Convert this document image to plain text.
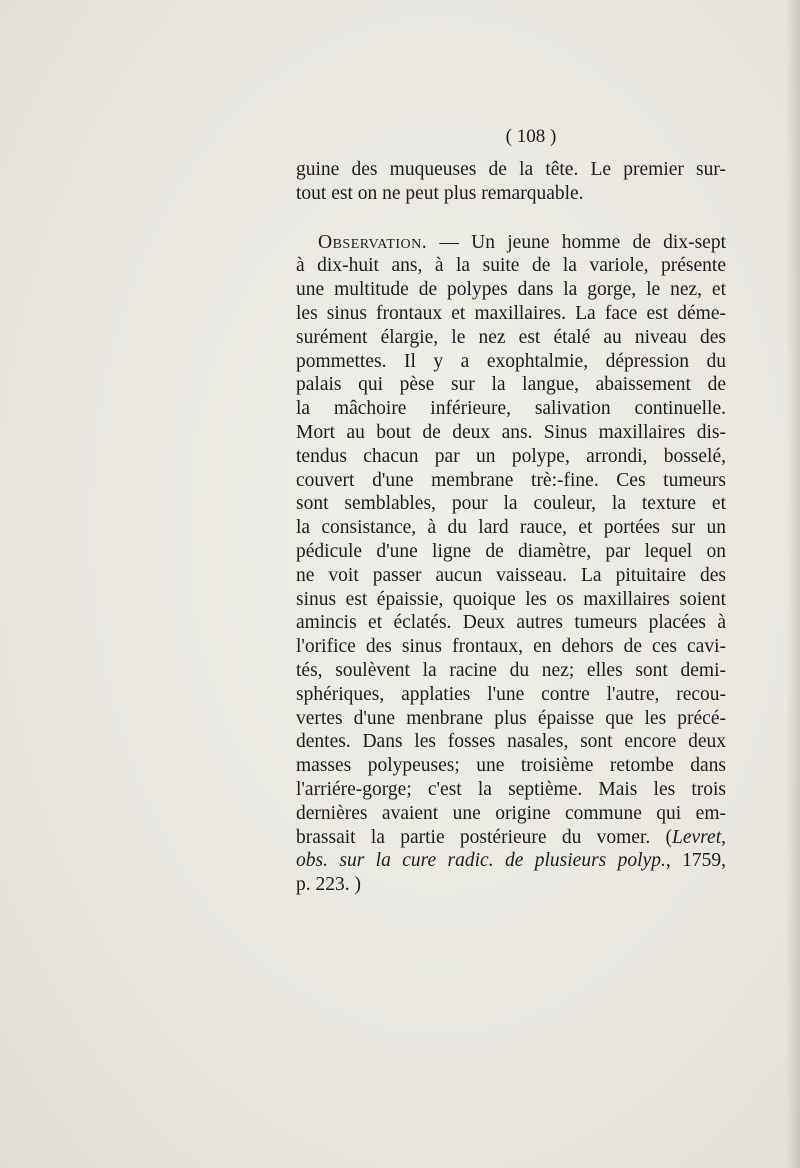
( 108 )
guine des muqueuses de la tête. Le premier sur-
tout est on ne peut plus remarquable.
Observation. — Un jeune homme de dix-sept
à dix-huit ans, à la suite de la variole, présente
une multitude de polypes dans la gorge, le nez, et
les sinus frontaux et maxillaires. La face est déme-
surément élargie, le nez est étalé au niveau des
pommettes. Il y a exophtalmie, dépression du
palais qui pèse sur la langue, abaissement de
la mâchoire inférieure, salivation continuelle.
Mort au bout de deux ans. Sinus maxillaires dis-
tendus chacun par un polype, arrondi, bosselé,
couvert d'une membrane trè:-fine. Ces tumeurs
sont semblables, pour la couleur, la texture et
la consistance, à du lard rauce, et portées sur un
pédicule d'une ligne de diamètre, par lequel on
ne voit passer aucun vaisseau. La pituitaire des
sinus est épaissie, quoique les os maxillaires soient
amincis et éclatés. Deux autres tumeurs placées à
l'orifice des sinus frontaux, en dehors de ces cavi-
tés, soulèvent la racine du nez; elles sont demi-
sphériques, applaties l'une contre l'autre, recou-
vertes d'une menbrane plus épaisse que les précé-
dentes. Dans les fosses nasales, sont encore deux
masses polypeuses; une troisième retombe dans
l'arriére-gorge; c'est la septième. Mais les trois
dernières avaient une origine commune qui em-
brassait la partie postérieure du vomer. (Levret,
obs. sur la cure radic. de plusieurs polyp., 1759,
p. 223. )
